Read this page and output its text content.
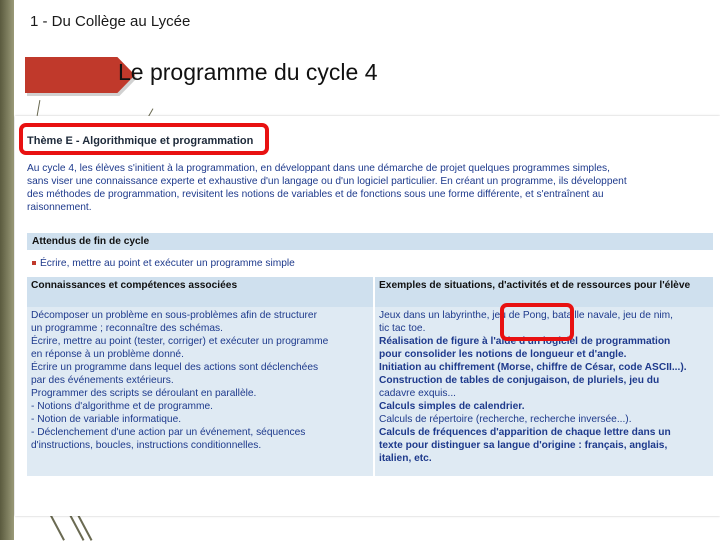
1 - Du Collège au Lycée
Le programme du cycle 4
Thème E - Algorithmique et programmation
Au cycle 4, les élèves s'initient à la programmation, en développant dans une démarche de projet quelques programmes simples,
sans viser une connaissance experte et exhaustive d'un langage ou d'un logiciel particulier. En créant un programme, ils développent
des méthodes de programmation, revisitent les notions de variables et de fonctions sous une forme différente, et s'entraînent au
raisonnement.
Attendus de fin de cycle
Écrire, mettre au point et exécuter un programme simple
Connaissances et compétences associées
Décomposer un problème en sous-problèmes afin de structurer
un programme ; reconnaître des schémas.
Écrire, mettre au point (tester, corriger) et exécuter un programme
en réponse à un problème donné.
Écrire un programme dans lequel des actions sont déclenchées
par des événements extérieurs.
Programmer des scripts se déroulant en parallèle.
- Notions d'algorithme et de programme.
- Notion de variable informatique.
- Déclenchement d'une action par un événement, séquences
d'instructions, boucles, instructions conditionnelles.
Exemples de situations, d'activités et de ressources pour l'élève
Jeux dans un labyrinthe, jeu de Pong, bataille navale, jeu de nim,
tic tac toe.
Réalisation de figure à l'aide d'un logiciel de programmation
pour consolider les notions de longueur et d'angle.
Initiation au chiffrement (Morse, chiffre de César, code ASCII...).
Construction de tables de conjugaison, de pluriels, jeu du
cadavre exquis...
Calculs simples de calendrier.
Calculs de répertoire (recherche, recherche inversée...).
Calculs de fréquences d'apparition de chaque lettre dans un
texte pour distinguer sa langue d'origine : français, anglais,
italien, etc.
